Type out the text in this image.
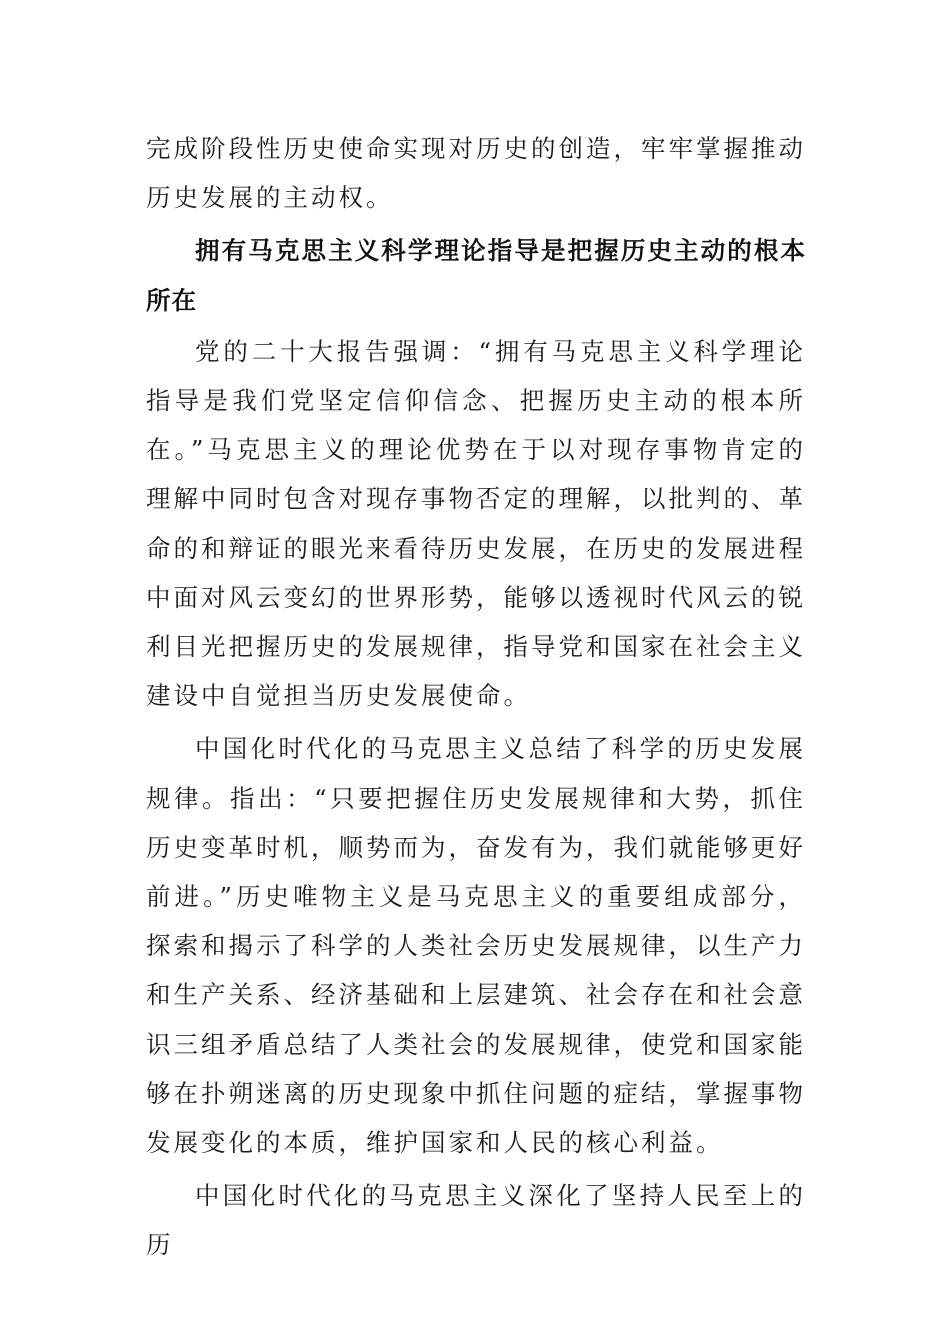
完成阶段性历史使命实现对历史的创造，牢牢掌握推动历史发展的主动权。

拥有马克思主义科学理论指导是把握历史主动的根本所在

党的二十大报告强调：“拥有马克思主义科学理论指导是我们党坚定信仰信念、把握历史主动的根本所在。”马克思主义的理论优势在于以对现存事物肯定的理解中同时包含对现存事物否定的理解，以批判的、革命的和辩证的眼光来看待历史发展，在历史的发展进程中面对风云变幻的世界形势，能够以透视时代风云的锐利目光把握历史的发展规律，指导党和国家在社会主义建设中自觉担当历史发展使命。

中国化时代化的马克思主义总结了科学的历史发展规律。指出：“只要把握住历史发展规律和大势，抓住历史变革时机，顺势而为，奋发有为，我们就能够更好前进。”历史唯物主义是马克思主义的重要组成部分，探索和揭示了科学的人类社会历史发展规律，以生产力和生产关系、经济基础和上层建筑、社会存在和社会意识三组矛盾总结了人类社会的发展规律，使党和国家能够在扑朔迷离的历史现象中抓住问题的症结，掌握事物发展变化的本质，维护国家和人民的核心利益。

中国化时代化的马克思主义深化了坚持人民至上的历
